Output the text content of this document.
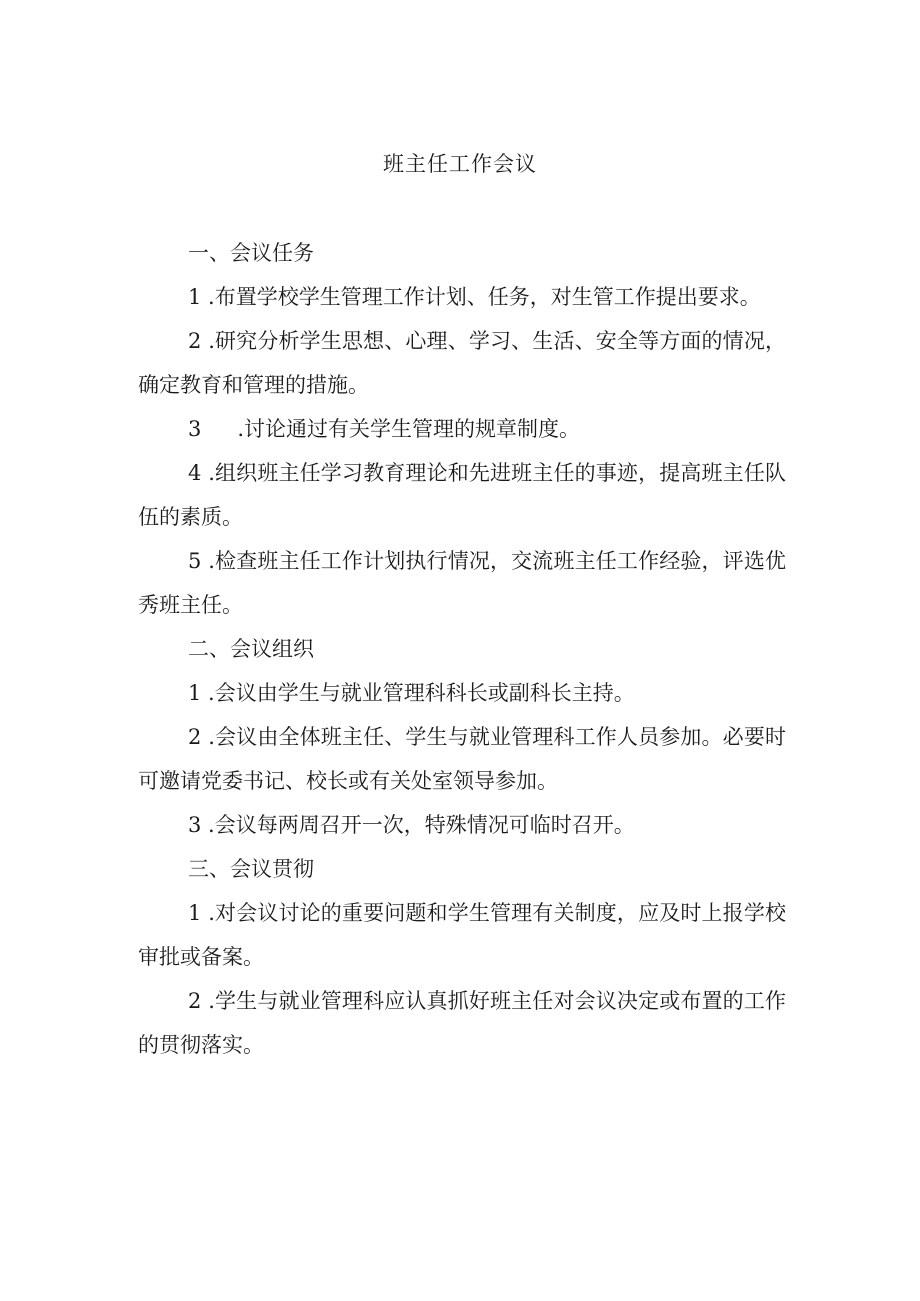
班主任工作会议

一、会议任务

1 .布置学校学生管理工作计划、任务，对生管工作提出要求。

2 .研究分析学生思想、心理、学习、生活、安全等方面的情况，确定教育和管理的措施。

3 .讨论通过有关学生管理的规章制度。

4 .组织班主任学习教育理论和先进班主任的事迹，提高班主任队伍的素质。

5 .检查班主任工作计划执行情况，交流班主任工作经验，评选优秀班主任。

二、会议组织

1 .会议由学生与就业管理科科长或副科长主持。

2 .会议由全体班主任、学生与就业管理科工作人员参加。必要时可邀请党委书记、校长或有关处室领导参加。

3 .会议每两周召开一次，特殊情况可临时召开。

三、会议贯彻

1 .对会议讨论的重要问题和学生管理有关制度，应及时上报学校审批或备案。

2 .学生与就业管理科应认真抓好班主任对会议决定或布置的工作的贯彻落实。
